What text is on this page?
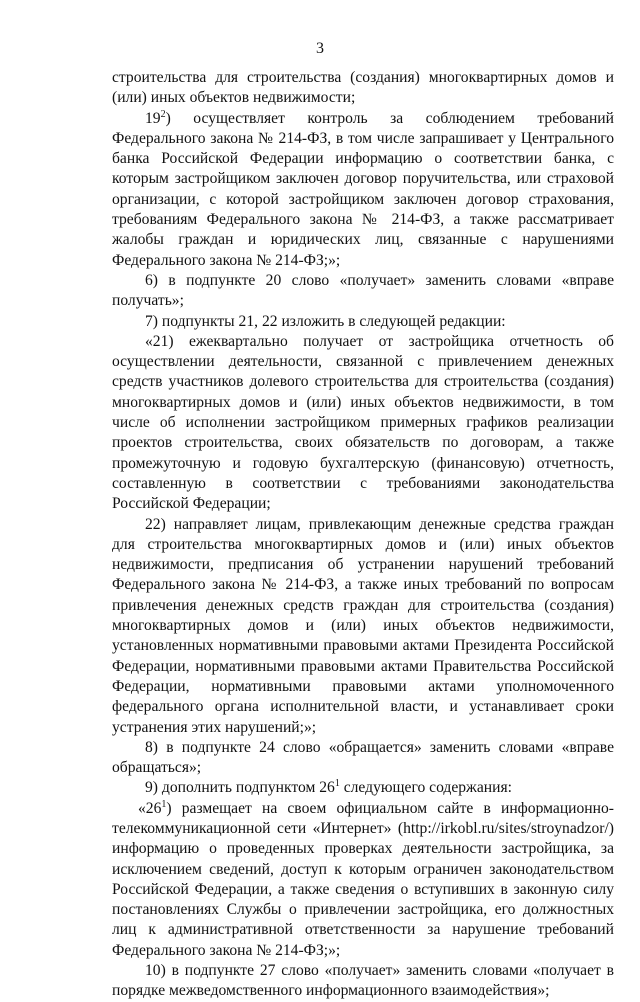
3

строительства для строительства (создания) многоквартирных домов и (или) иных объектов недвижимости;

$19^2$) осуществляет контроль за соблюдением требований Федерального закона № 214-ФЗ, в том числе запрашивает у Центрального банка Российской Федерации информацию о соответствии банка, с которым застройщиком заключен договор поручительства, или страховой организации, с которой застройщиком заключен договор страхования, требованиям Федерального закона № 214-ФЗ, а также рассматривает жалобы граждан и юридических лиц, связанные с нарушениями Федерального закона № 214-ФЗ;»;

6) в подпункте 20 слово «получает» заменить словами «вправе получать»;

7) подпункты 21, 22 изложить в следующей редакции:

«21) ежеквартально получает от застройщика отчетность об осуществлении деятельности, связанной с привлечением денежных средств участников долевого строительства для строительства (создания) многоквартирных домов и (или) иных объектов недвижимости, в том числе об исполнении застройщиком примерных графиков реализации проектов строительства, своих обязательств по договорам, а также промежуточную и годовую бухгалтерскую (финансовую) отчетность, составленную в соответствии с требованиями законодательства Российской Федерации;

22) направляет лицам, привлекающим денежные средства граждан для строительства многоквартирных домов и (или) иных объектов недвижимости, предписания об устранении нарушений требований Федерального закона № 214-ФЗ, а также иных требований по вопросам привлечения денежных средств граждан для строительства (создания) многоквартирных домов и (или) иных объектов недвижимости, установленных нормативными правовыми актами Президента Российской Федерации, нормативными правовыми актами Правительства Российской Федерации, нормативными правовыми актами уполномоченного федерального органа исполнительной власти, и устанавливает сроки устранения этих нарушений;»;

8) в подпункте 24 слово «обращается» заменить словами «вправе обращаться»;

9) дополнить подпунктом $26^1$ следующего содержания:

«$26^1$) размещает на своем официальном сайте в информационно-телекоммуникационной сети «Интернет» (http://irkobl.ru/sites/stroynadzor/) информацию о проведенных проверках деятельности застройщика, за исключением сведений, доступ к которым ограничен законодательством Российской Федерации, а также сведения о вступивших в законную силу постановлениях Службы о привлечении застройщика, его должностных лиц к административной ответственности за нарушение требований Федерального закона № 214-ФЗ;»;

10) в подпункте 27 слово «получает» заменить словами «получает в порядке межведомственного информационного взаимодействия»;
